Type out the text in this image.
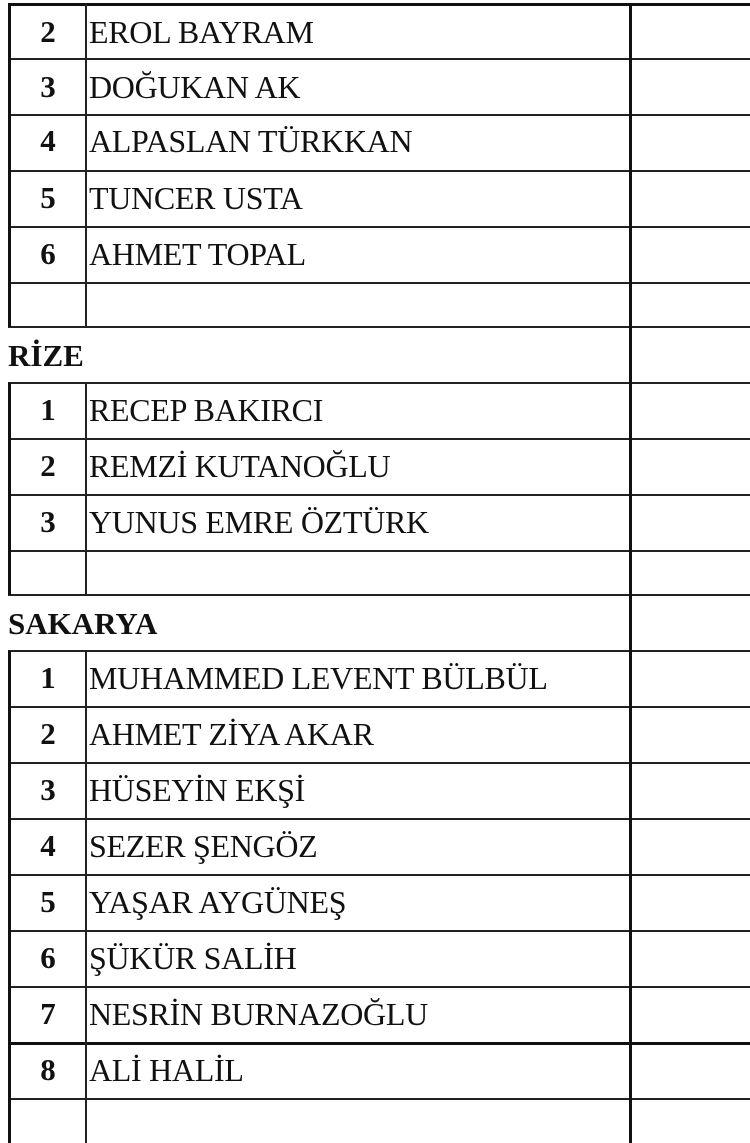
2	EROL BAYRAM
3	DOĞUKAN AK
4	ALPASLAN TÜRKKAN
5	TUNCER USTA
6	AHMET TOPAL
RİZE
1	RECEP BAKIRCI
2	REMZİ KUTANOĞLU
3	YUNUS EMRE ÖZTÜRK
SAKARYA
1	MUHAMMED LEVENT BÜLBÜL
2	AHMET ZİYA AKAR
3	HÜSEYİN EKŞİ
4	SEZER ŞENGÖZ
5	YAŞAR AYGÜNEŞ
6	ŞÜKÜR SALİH
7	NESRİN BURNAZOĞLU
8	ALİ HALİL
